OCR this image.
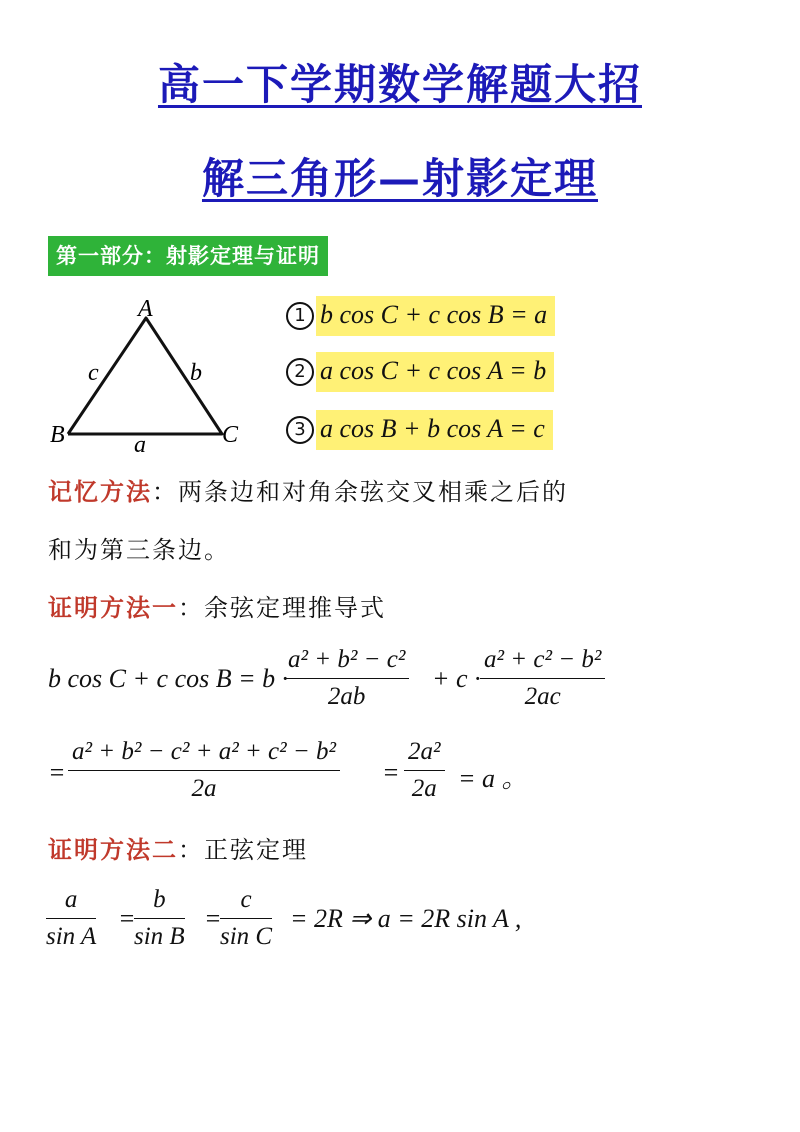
高一下学期数学解题大招
解三角形—射影定理
第一部分：射影定理与证明
A
B	C
c	b
a
1 b cos C + c cos B = a
2 a cos C + c cos A = b
3 a cos B + b cos A = c
记忆方法：两条边和对角余弦交叉相乘之后的
和为第三条边。
证明方法一：余弦定理推导式
b cos C + c cos B = b ·
a² + b² − c²
2ab
+ c ·
a² + c² − b²
2ac
=
a² + b² − c² + a² + c² − b²
2a
=
2a²
2a = a 。
证明方法二：正弦定理
a
sin A
=
b
sin B
=
c
sin C
= 2R ⇒ a = 2R sin A ,
